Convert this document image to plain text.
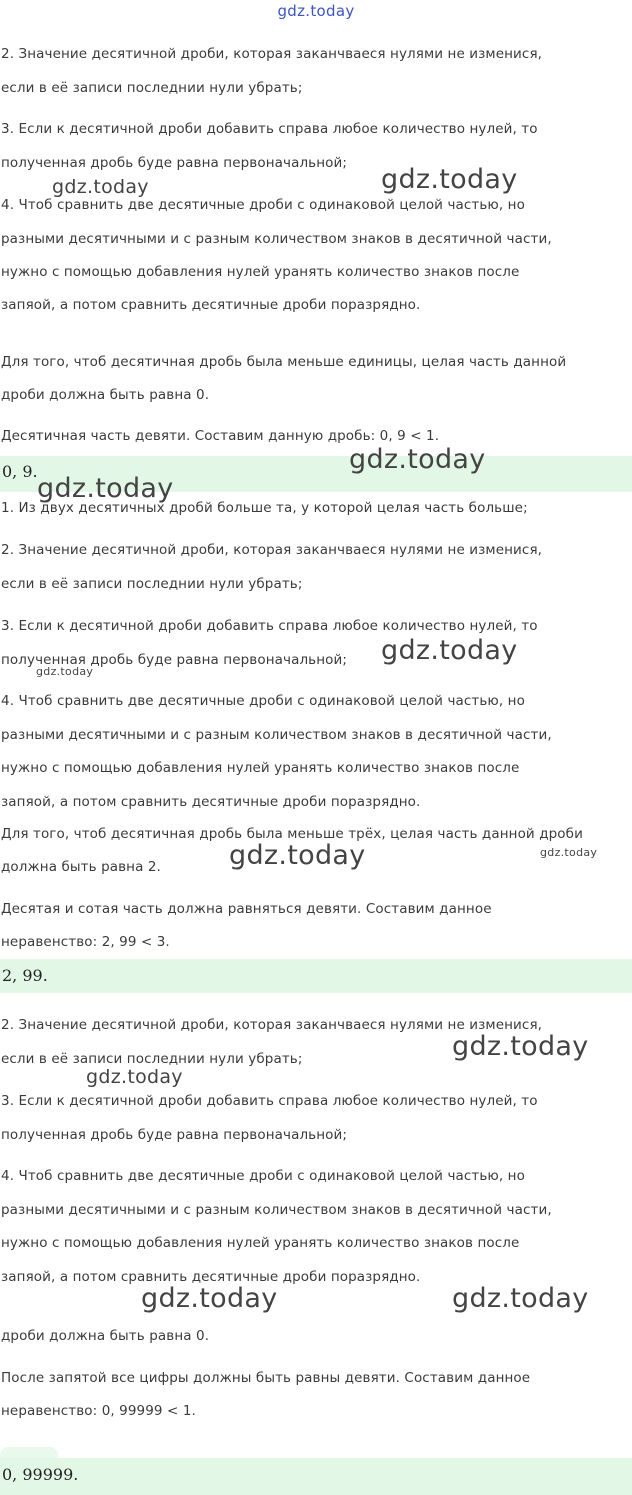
gdz.today
2. Значение десятичной дроби, которая заканчваеся нулями не изменися,
если в её записи последнии нули убрать;
3. Если к десятичной дроби добавить справа любое количество нулей, то
полученная дробь буде равна первоначальной;
4. Чтоб сравнить две десятичные дроби с одинаковой целой частью, но
разными десятичными и с разным количеством знаков в десятичной части,
нужно с помощью добавления нулей уранять количество знаков после
запяой, а потом сравнить десятичные дроби поразрядно.
Для того, чтоб десятичная дробь была меньше единицы, целая часть данной
дроби должна быть равна 0.
Десятичная часть девяти. Составим данную дробь: 0, 9 < 1.
0, 9.
1. Из двух десятичных дробй больше та, у которой целая часть больше;
2. Значение десятичной дроби, которая заканчваеся нулями не изменися,
если в её записи последнии нули убрать;
3. Если к десятичной дроби добавить справа любое количество нулей, то
полученная дробь буде равна первоначальной;
4. Чтоб сравнить две десятичные дроби с одинаковой целой частью, но
разными десятичными и с разным количеством знаков в десятичной части,
нужно с помощью добавления нулей уранять количество знаков после
запяой, а потом сравнить десятичные дроби поразрядно.
Для того, чтоб десятичная дробь была меньше трёх, целая часть данной дроби
должна быть равна 2.
Десятая и сотая часть должна равняться девяти. Составим данное
неравенство: 2, 99 < 3.
2, 99.
2. Значение десятичной дроби, которая заканчваеся нулями не изменися,
если в её записи последнии нули убрать;
3. Если к десятичной дроби добавить справа любое количество нулей, то
полученная дробь буде равна первоначальной;
4. Чтоб сравнить две десятичные дроби с одинаковой целой частью, но
разными десятичными и с разным количеством знаков в десятичной части,
нужно с помощью добавления нулей уранять количество знаков после
запяой, а потом сравнить десятичные дроби поразрядно.
дроби должна быть равна 0.
После запятой все цифры должны быть равны девяти. Составим данное
неравенство: 0, 99999 < 1.
0, 99999.
gdz.today	gdz.today
gdz.today
gdz.today
gdz.today
gdz.today
gdz.today	gdz.today
gdz.today
gdz.today
gdz.today	gdz.today
